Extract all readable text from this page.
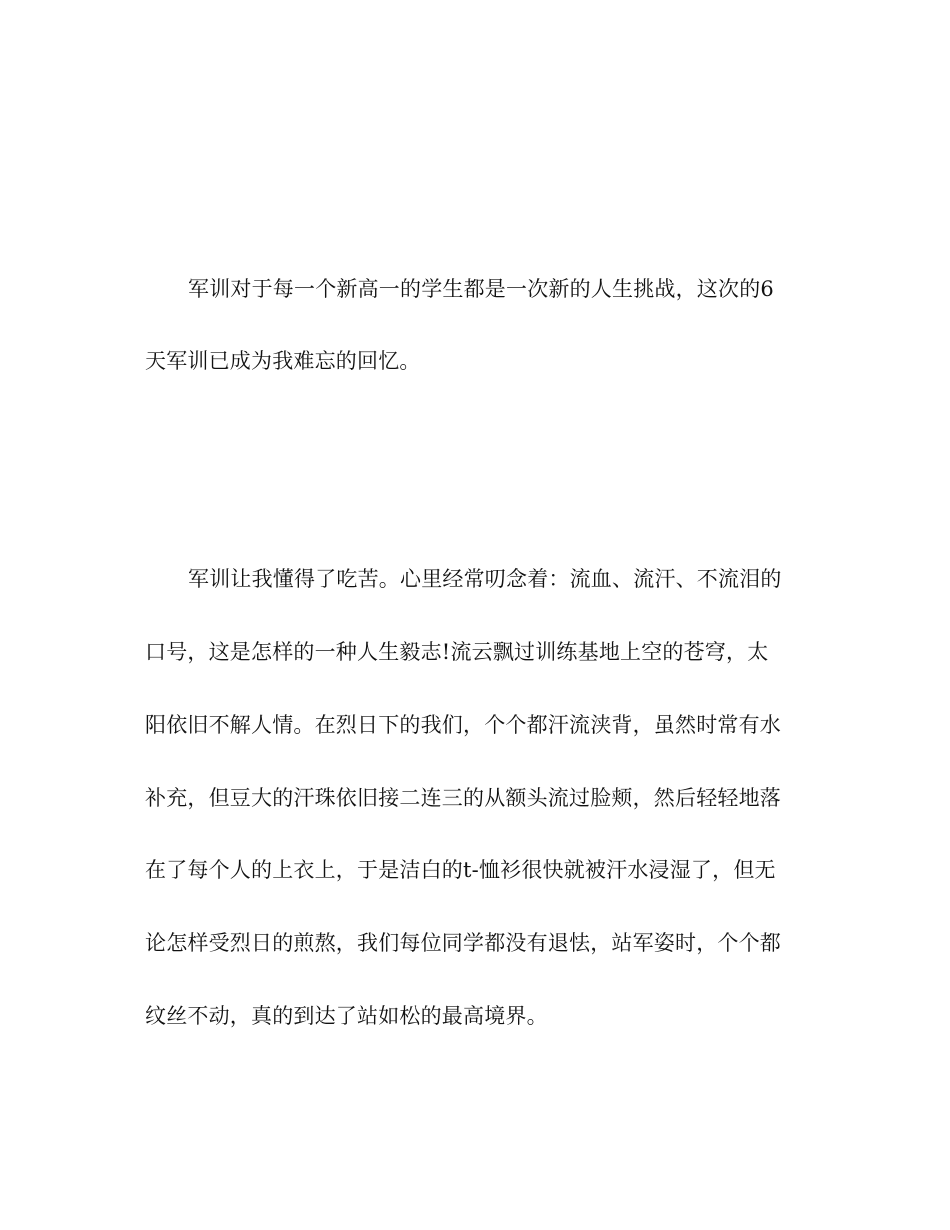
军训对于每一个新高一的学生都是一次新的人生挑战，这次的6
天军训已成为我难忘的回忆。
军训让我懂得了吃苦。心里经常叨念着：流血、流汗、不流泪的
口号，这是怎样的一种人生毅志!流云飘过训练基地上空的苍穹，太
阳依旧不解人情。在烈日下的我们，个个都汗流浃背，虽然时常有水
补充，但豆大的汗珠依旧接二连三的从额头流过脸颊，然后轻轻地落
在了每个人的上衣上，于是洁白的t-恤衫很快就被汗水浸湿了，但无
论怎样受烈日的煎熬，我们每位同学都没有退怯，站军姿时，个个都
纹丝不动，真的到达了站如松的最高境界。
